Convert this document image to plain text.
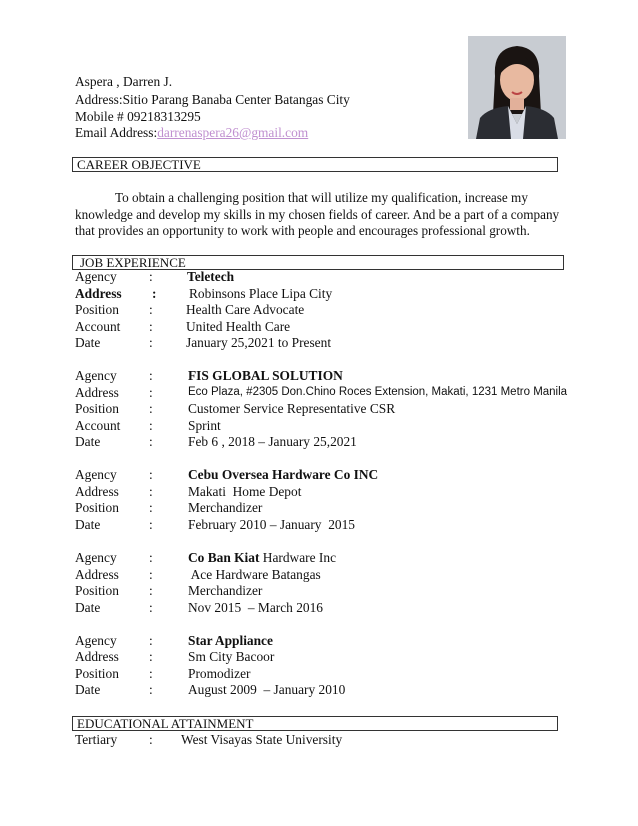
Aspera , Darren J.
Address:Sitio Parang Banaba Center Batangas City
Mobile # 09218313295
Email Address:darrenaspera26@gmail.com
CAREER OBJECTIVE
To obtain a challenging position that will utilize my qualification, increase my knowledge and develop my skills in my chosen fields of career. And be a part of a company that provides an opportunity to work with people and encourages professional growth.
JOB EXPERIENCE
Agency :	Teletech
Address : Robinsons Place Lipa City
Position : Health Care Advocate
Account : United Health Care
Date	: January 25,2021 to Present
Agency :	FIS GLOBAL SOLUTION
Address :	Eco Plaza, #2305 Don.Chino Roces Extension, Makati, 1231 Metro Manila
Position :	Customer Service Representative CSR
Account :	Sprint
Date	:	Feb 6 , 2018 – January 25,2021
Agency :	Cebu Oversea Hardware Co INC
Address :	Makati  Home Depot
Position :	Merchandizer
Date	:	February 2010 – January  2015
Agency :	Co Ban Kiat Hardware Inc
Address :	Ace Hardware Batangas
Position :	Merchandizer
Date	:	Nov 2015  – March 2016
Agency :	Star Appliance
Address :	Sm City Bacoor
Position :	Promodizer
Date	:	August 2009  – January 2010
EDUCATIONAL ATTAINMENT
Tertiary : West Visayas State University
